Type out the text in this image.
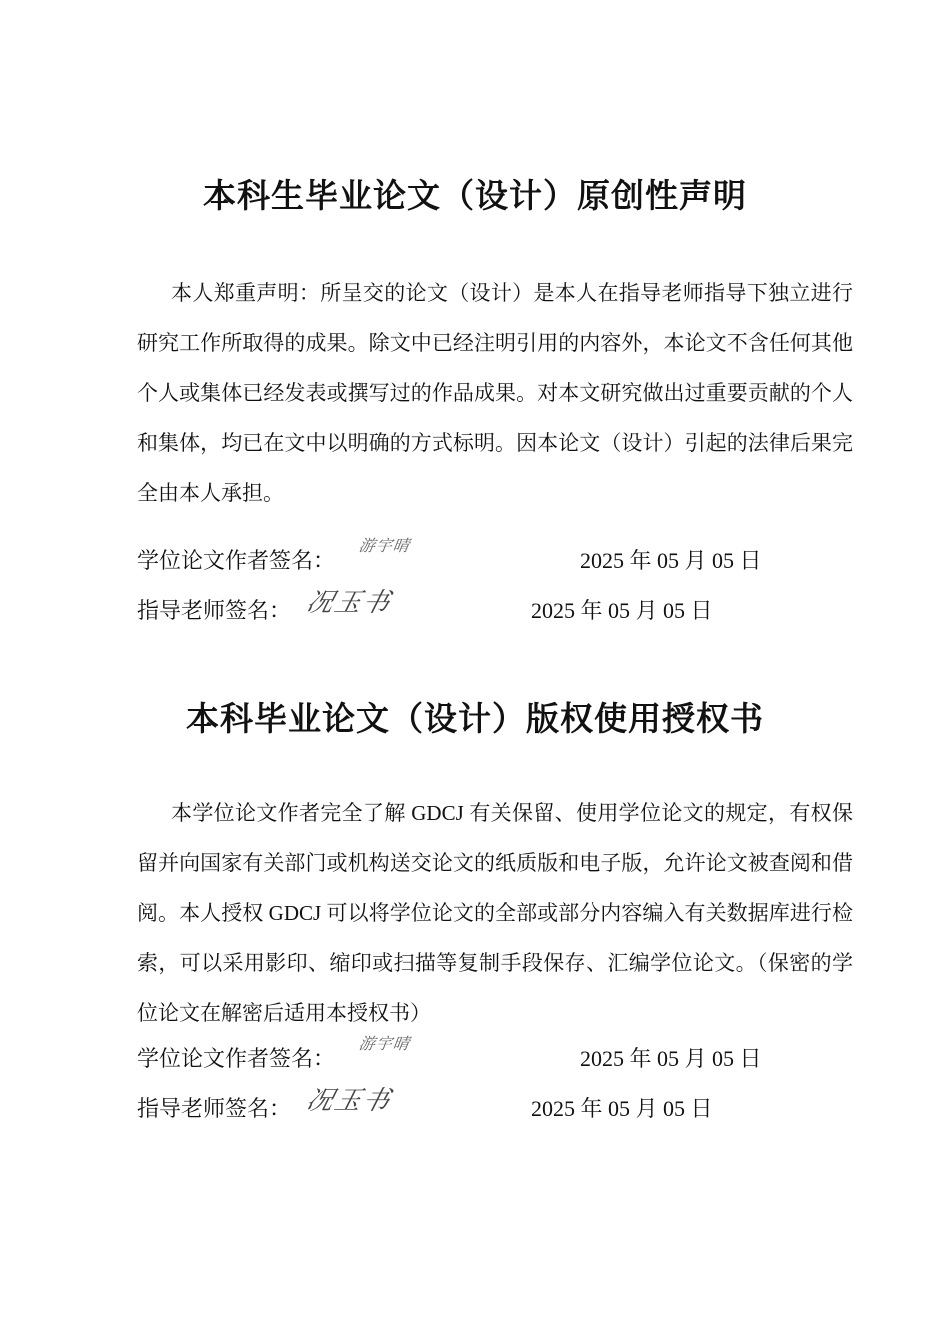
本科生毕业论文（设计）原创性声明

本人郑重声明：所呈交的论文（设计）是本人在指导老师指导下独立进行研究工作所取得的成果。除文中已经注明引用的内容外，本论文不含任何其他个人或集体已经发表或撰写过的作品成果。对本文研究做出过重要贡献的个人和集体，均已在文中以明确的方式标明。因本论文（设计）引起的法律后果完全由本人承担。

学位论文作者签名：
游宇晴
2025 年 05 月 05 日
指导老师签名： 况玉书	2025 年 05 月 05 日
本科毕业论文（设计）版权使用授权书

本学位论文作者完全了解 GDCJ 有关保留、使用学位论文的规定，有权保留并向国家有关部门或机构送交论文的纸质版和电子版，允许论文被查阅和借阅。本人授权 GDCJ 可以将学位论文的全部或部分内容编入有关数据库进行检索，可以采用影印、缩印或扫描等复制手段保存、汇编学位论文。（保密的学位论文在解密后适用本授权书）

学位论文作者签名：
游宇晴
2025 年 05 月 05 日
指导老师签名： 况玉书	2025 年 05 月 05 日
